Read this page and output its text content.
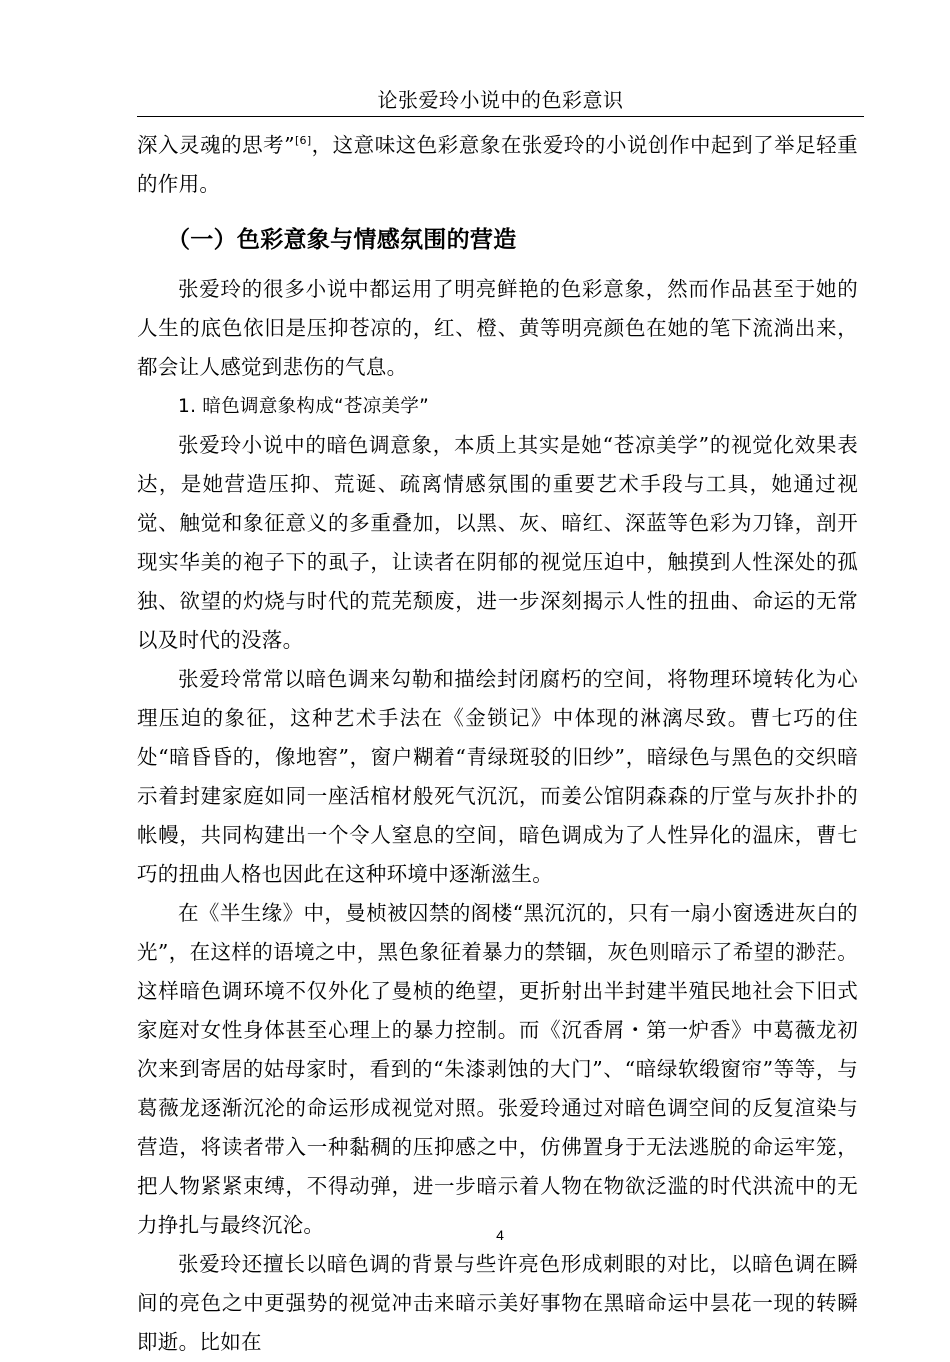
论张爱玲小说中的色彩意识

深入灵魂的思考”[6]，这意味这色彩意象在张爱玲的小说创作中起到了举足轻重的作用。

（一）色彩意象与情感氛围的营造

张爱玲的很多小说中都运用了明亮鲜艳的色彩意象，然而作品甚至于她的人生的底色依旧是压抑苍凉的，红、橙、黄等明亮颜色在她的笔下流淌出来，都会让人感觉到悲伤的气息。

1. 暗色调意象构成“苍凉美学”

张爱玲小说中的暗色调意象，本质上其实是她“苍凉美学”的视觉化效果表达，是她营造压抑、荒诞、疏离情感氛围的重要艺术手段与工具，她通过视觉、触觉和象征意义的多重叠加，以黑、灰、暗红、深蓝等色彩为刀锋，剖开现实华美的袍子下的虱子，让读者在阴郁的视觉压迫中，触摸到人性深处的孤独、欲望的灼烧与时代的荒芜颓废，进一步深刻揭示人性的扭曲、命运的无常以及时代的没落。

张爱玲常常以暗色调来勾勒和描绘封闭腐朽的空间，将物理环境转化为心理压迫的象征，这种艺术手法在《金锁记》中体现的淋漓尽致。曹七巧的住处“暗昏昏的，像地窖”，窗户糊着“青绿斑驳的旧纱”，暗绿色与黑色的交织暗示着封建家庭如同一座活棺材般死气沉沉，而姜公馆阴森森的厅堂与灰扑扑的帐幔，共同构建出一个令人窒息的空间，暗色调成为了人性异化的温床，曹七巧的扭曲人格也因此在这种环境中逐渐滋生。

在《半生缘》中，曼桢被囚禁的阁楼“黑沉沉的，只有一扇小窗透进灰白的光”，在这样的语境之中，黑色象征着暴力的禁锢，灰色则暗示了希望的渺茫。这样暗色调环境不仅外化了曼桢的绝望，更折射出半封建半殖民地社会下旧式家庭对女性身体甚至心理上的暴力控制。而《沉香屑・第一炉香》中葛薇龙初次来到寄居的姑母家时，看到的“朱漆剥蚀的大门”、“暗绿软缎窗帘”等等，与葛薇龙逐渐沉沦的命运形成视觉对照。张爱玲通过对暗色调空间的反复渲染与营造，将读者带入一种黏稠的压抑感之中，仿佛置身于无法逃脱的命运牢笼，把人物紧紧束缚，不得动弹，进一步暗示着人物在物欲泛滥的时代洪流中的无力挣扎与最终沉沦。

张爱玲还擅长以暗色调的背景与些许亮色形成刺眼的对比，以暗色调在瞬间的亮色之中更强势的视觉冲击来暗示美好事物在黑暗命运中昙花一现的转瞬即逝。比如在

4
